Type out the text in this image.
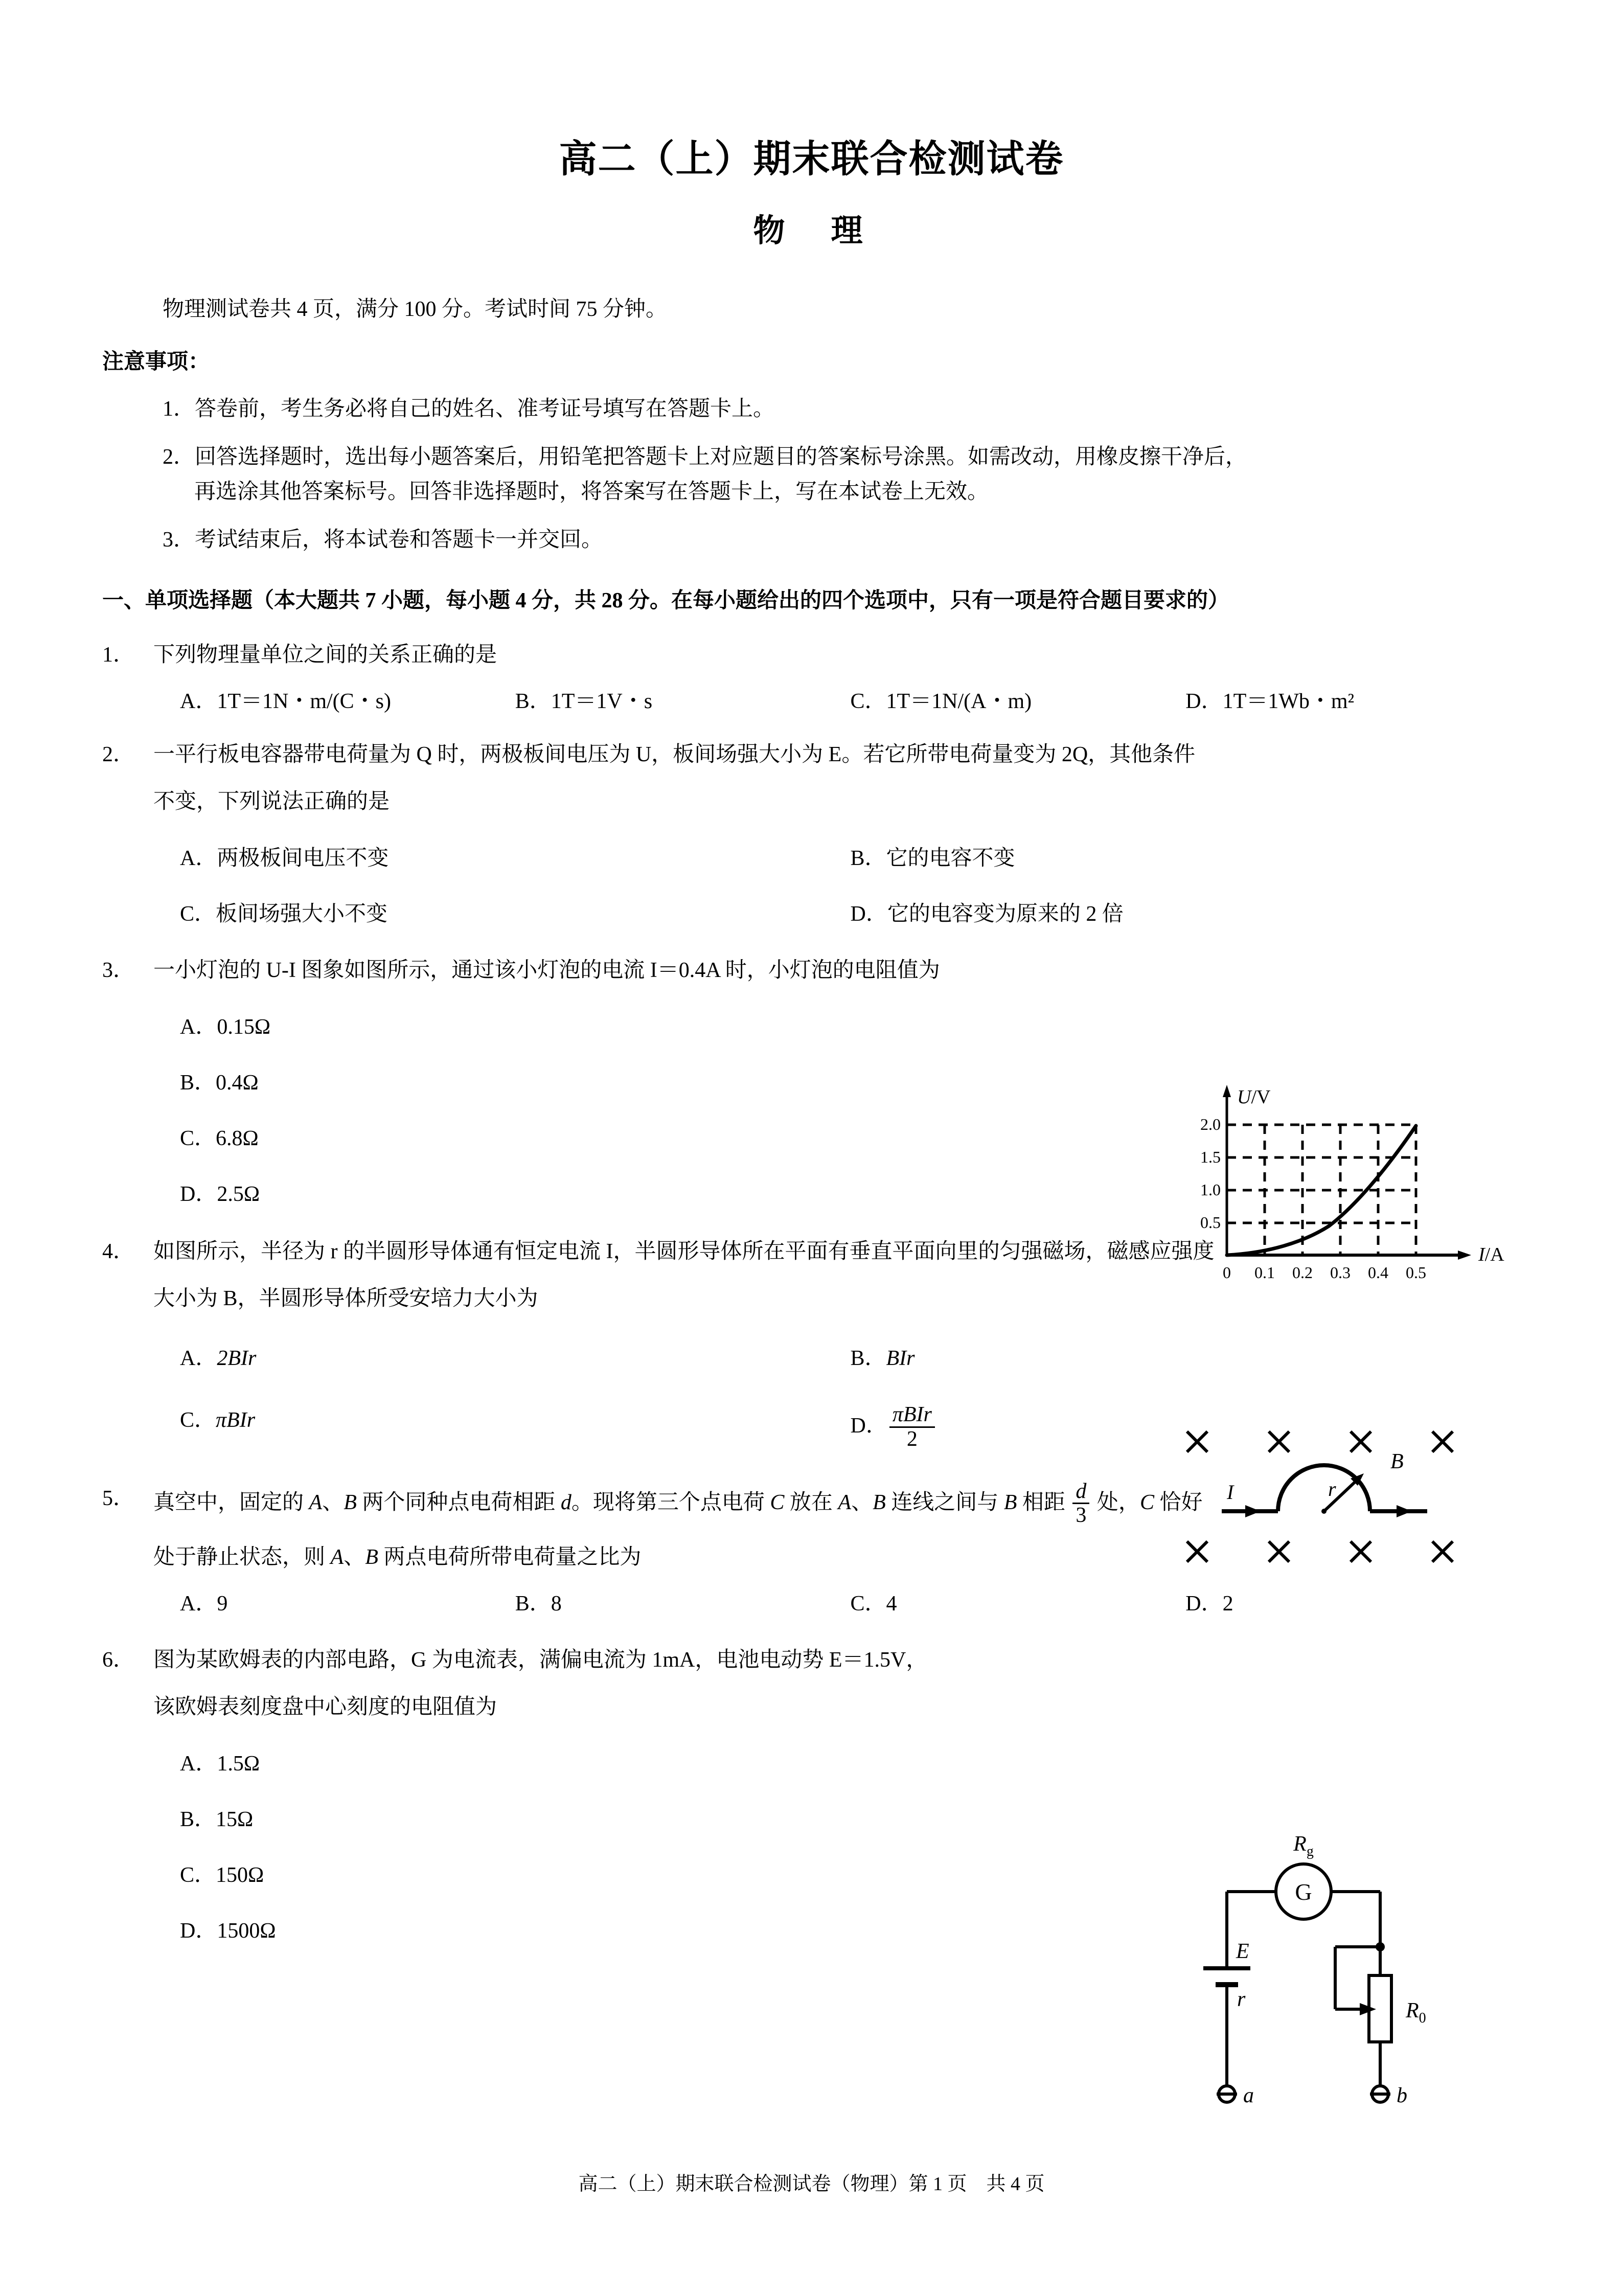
高二（上）期末联合检测试卷
物　理
物理测试卷共 4 页，满分 100 分。考试时间 75 分钟。
注意事项：
1．答卷前，考生务必将自己的姓名、准考证号填写在答题卡上。
2．回答选择题时，选出每小题答案后，用铅笔把答题卡上对应题目的答案标号涂黑。如需改动，用橡皮擦干净后，
再选涂其他答案标号。回答非选择题时，将答案写在答题卡上，写在本试卷上无效。
3．考试结束后，将本试卷和答题卡一并交回。
一、单项选择题（本大题共 7 小题，每小题 4 分，共 28 分。在每小题给出的四个选项中，只有一项是符合题目要求的）
1． 下列物理量单位之间的关系正确的是
A．1T＝1N・m/(C・s)	B．1T＝1V・s	C．1T＝1N/(A・m)	D．1T＝1Wb・m²
2． 一平行板电容器带电荷量为 Q 时，两极板间电压为 U，板间场强大小为 E。若它所带电荷量变为 2Q，其他条件
不变，下列说法正确的是
A．两极板间电压不变	B．它的电容不变
C．板间场强大小不变	D．它的电容变为原来的 2 倍
3． 一小灯泡的 U-I 图象如图所示，通过该小灯泡的电流 I＝0.4A 时，小灯泡的电阻值为
A．0.15Ω
B．0.4Ω
C．6.8Ω
D．2.5Ω
4． 如图所示，半径为 r 的半圆形导体通有恒定电流 I，半圆形导体所在平面有垂直平面向里的匀强磁场，磁感应强度
大小为 B，半圆形导体所受安培力大小为
A．2BIr	B．BIr
C．πBIr	D． $\frac{\text{πBIr}}{2}$
5． 真空中，固定的 A、B 两个同种点电荷相距 d。现将第三个点电荷 C 放在 A、B 连线之间与 B 相距 $\frac{d}{3}$ 处，C 恰好
处于静止状态，则 A、B 两点电荷所带电荷量之比为
A．9	B．8	C．4	D．2
6． 图为某欧姆表的内部电路，G 为电流表，满偏电流为 1mA，电池电动势 E＝1.5V，
该欧姆表刻度盘中心刻度的电阻值为
A．1.5Ω
B．15Ω
C．150Ω
D．1500Ω
2.0
1.5
1.0
0.5
0 0.1 0.2 0.3 0.4 0.5
U/V
I/A
I	r
B
G
$R_g$
$R_0$
b
E
r
a
高二（上）期末联合检测试卷（物理）第 1 页　共 4 页
